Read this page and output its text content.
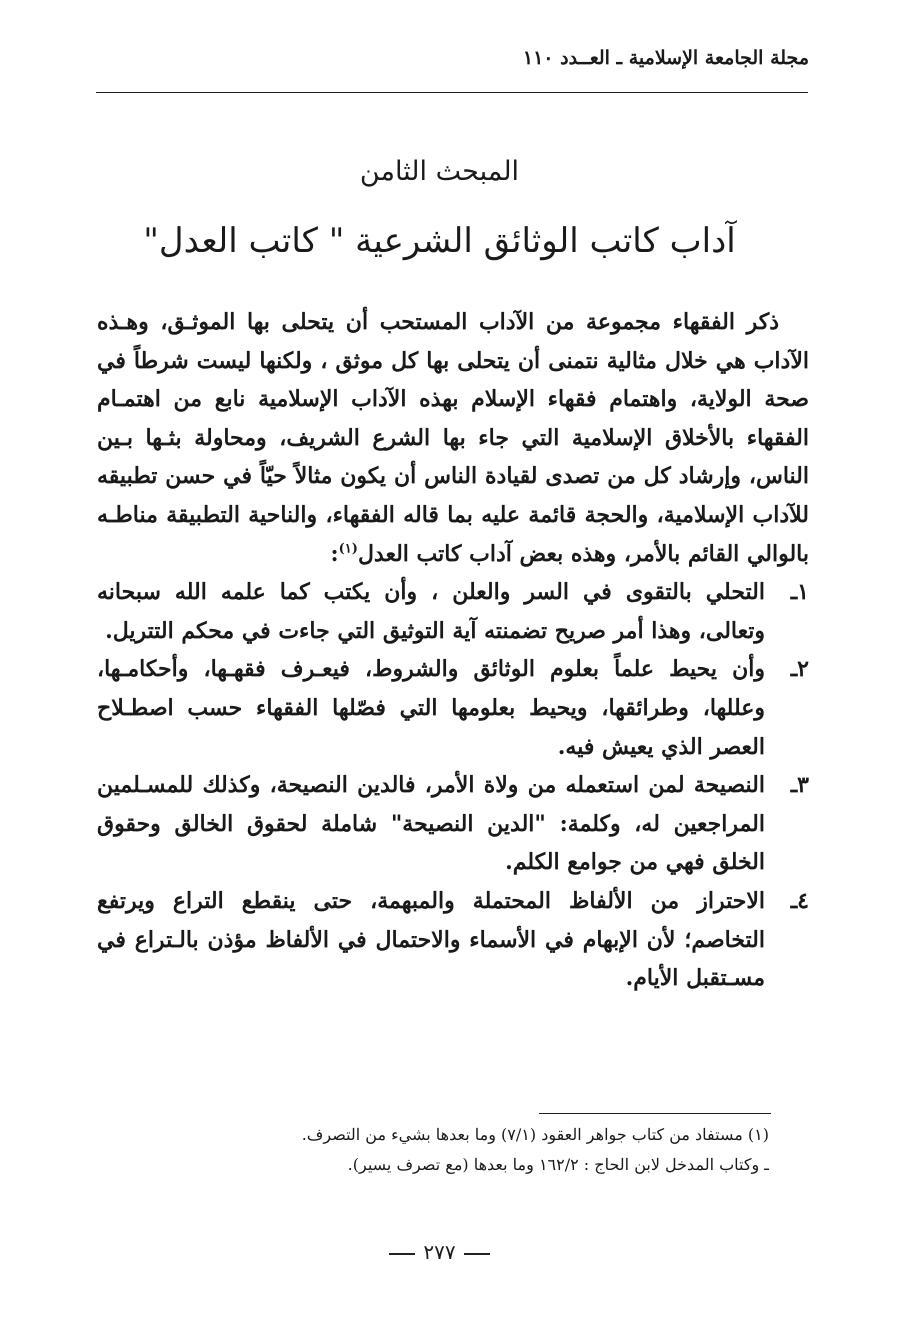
مجلة الجامعة الإسلامية ـ العــدد ١١٠
المبحث الثامن
آداب كاتب الوثائق الشرعية " كاتب العدل"

ذكر الفقهاء مجموعة من الآداب المستحب أن يتحلى بها الموثـق، وهـذه الآداب هي خلال مثالية نتمنى أن يتحلى بها كل موثق ، ولكنها ليست شرطاً في صحة الولاية، واهتمام فقهاء الإسلام بهذه الآداب الإسلامية نابع من اهتمـام الفقهاء بالأخلاق الإسلامية التي جاء بها الشرع الشريف، ومحاولة بثـها بـين الناس، وإرشاد كل من تصدى لقيادة الناس أن يكون مثالاً حيّاً في حسن تطبيقه للآداب الإسلامية، والحجة قائمة عليه بما قاله الفقهاء، والناحية التطبيقة مناطـه بالوالي القائم بالأمر، وهذه بعض آداب كاتب العدل$^{(١)}$:

١ـ
التحلي بالتقوى في السر والعلن ، وأن يكتب كما علمه الله سبحانه وتعالى، وهذا أمر صريح تضمنته آية التوثيق التي جاءت في محكم التتريل.
٢ـ
وأن يحيط علماً بعلوم الوثائق والشروط، فيعـرف فقهـها، وأحكامـها، وعللها، وطرائقها، ويحيط بعلومها التي فصّلها الفقهاء حسب اصطـلاح العصر الذي يعيش فيه.
٣ـ
النصيحة لمن استعمله من ولاة الأمر، فالدين النصيحة، وكذلك للمسـلمين المراجعين له، وكلمة: "الدين النصيحة" شاملة لحقوق الخالق وحقوق الخلق فهي من جوامع الكلم.
٤ـ
الاحتراز من الألفاظ المحتملة والمبهمة، حتى ينقطع التراع ويرتفع التخاصم؛ لأن الإبهام في الأسماء والاحتمال في الألفاظ مؤذن بالـتراع في مسـتقبل الأيام.
(١) مستفاد من كتاب جواهر العقود (٧/١) وما بعدها بشيء من التصرف.
ـ وكتاب المدخل لابن الحاج : ١٦٢/٢ وما بعدها (مع تصرف يسير).
٢٧٧
